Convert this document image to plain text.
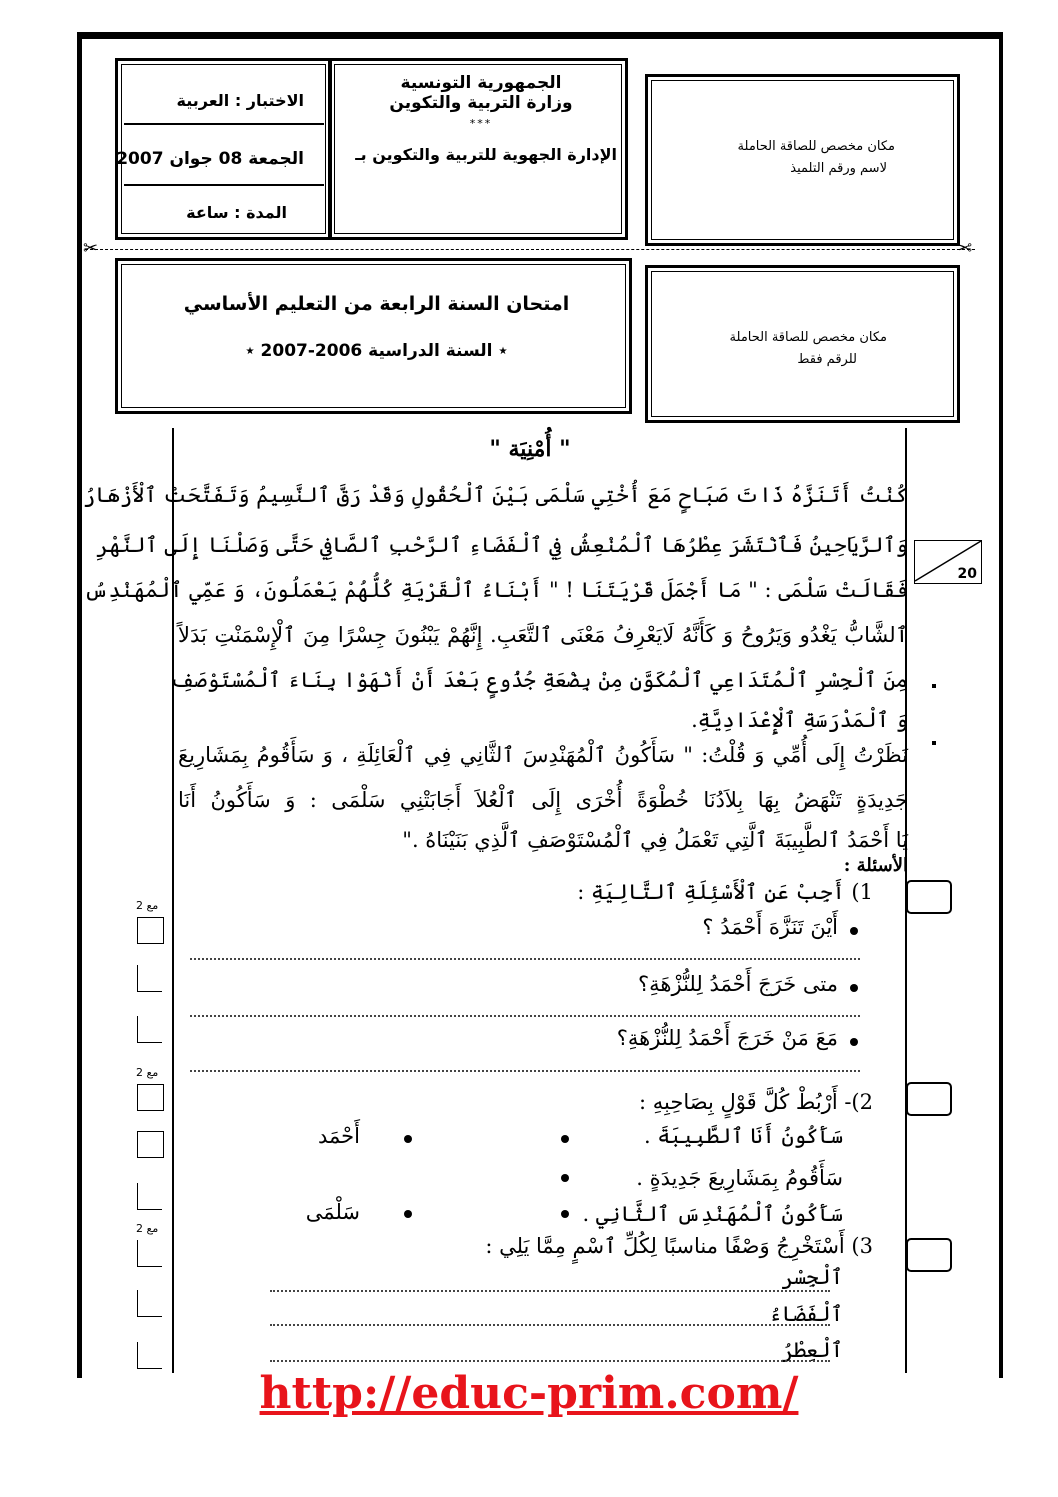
الاختبار : العربية
الجمعة 08 جوان 2007
المدة : ساعة
الجمهورية التونسية
وزارة التربية والتكوين
***
الإدارة الجهوية للتربية والتكوين بـ	مكان مخصص للصاقة الحاملة
لاسم ورقم التلميذ
✂	✂
امتحان السنة الرابعة من التعليم الأساسي
٭ السنة الدراسية 2006-2007 ٭
مكان مخصص للصاقة الحاملة
للرقم فقط
" أُمْنِيَة "
كُنْتُ أَتَنَزَّهُ ذَاتَ صَبَاحٍ مَعَ أُخْتِي سَلْمَى بَيْنَ ٱلْحُقُولِ وَقَدْ رَقَّ ٱلنَّسِيمُ وَتَفَتَّحَتْ ٱلْأَزْهَارُ
وَٱلرَّيَاحِينُ فَٱنْتَشَرَ عِطْرُهَا ٱلْمُنْعِشُ فِي ٱلْفَضَاءِ ٱلرَّحْبِ ٱلصَّافِي حَتَّى وَصَلْنَا إِلَى ٱلنَّهْرِ
فَقَالَتْ سَلْمَى : " مَا أَجْمَلَ قَرْيَتَنَا ! " أَبْنَاءُ ٱلْقَرْيَةِ كُلُّهُمْ يَعْمَلُونَ، وَ عَمِّي ٱلْمُهَنْدِسُ
ٱلشَّابُّ يَغْدُو وَيَرُوحُ وَ كَأَنَّهُ لَايَعْرِفُ مَعْنَى ٱلتَّعَبِ. إِنَّهُمْ يَبْنُونَ جِسْرًا مِنَ ٱلْإِسْمَنْتِ بَدَلاً
مِنَ ٱلْجِسْرِ ٱلْمُتَدَاعِي ٱلْمُكَوَّنِ مِنْ بِضْعَةِ جُذُوعٍ بَعْدَ أَنْ أَنْهَوْا بِنَاءَ ٱلْمُسْتَوْصَفِ
وَ ٱلْمَدْرَسَةِ ٱلْإِعْدَادِيَّةِ.
نَظَرْتُ إِلَى أُمِّي وَ قُلْتُ: " سَأَكُونُ ٱلْمُهَنْدِسَ ٱلثَّانِي فِي ٱلْعَائِلَةِ ، وَ سَأَقُومُ بِمَشَارِيعَ
جَدِيدَةٍ تَنْهَضُ بِهَا بِلاَدُنَا خُطْوَةً أُخْرَى إِلَى ٱلْعُلاَ أَجَابَتْنِي سَلْمَى : وَ سَأَكُونُ أَنَا
يَا أَحْمَدُ ٱلطَّبِيبَةَ ٱلَّتِي تَعْمَلُ فِي ٱلْمُسْتَوْصَفِ ٱلَّذِي بَنَيْنَاهُ ."
20
الأسئلة :
1) أَجِبْ عَنِ ٱلْأَسْئِلَةِ ٱلتَّالِيَةِ :
مع 2
أَيْنَ تَنَزَّهَ أَحْمَدُ ؟
متى خَرَجَ أَحْمَدُ لِلنُّزْهَةِ؟
مَعَ مَنْ خَرَجَ أَحْمَدُ لِلنُّزْهَةِ؟
2)- أَرْبُطْ كُلَّ قَوْلٍ بِصَاحِبِهِ :
مع 2
سَأَكُونُ أَنَا ٱلطَّبِيبَةَ .
سَأَقُومُ بِمَشَارِيعَ جَدِيدَةٍ .
سَأَكُونُ ٱلْمُهَنْدِسَ ٱلثَّانِي .
أَحْمَد
سَلْمَى
3) أَسْتَخْرِجُ وَصْفًا مناسبًا لِكُلِّ ٱسْمٍ مِمَّا يَلِي :
مع 2
ٱلْجِسْر
ٱلْفَضَاءُ
ٱلْعِطْرُ
http://educ-prim.com/
